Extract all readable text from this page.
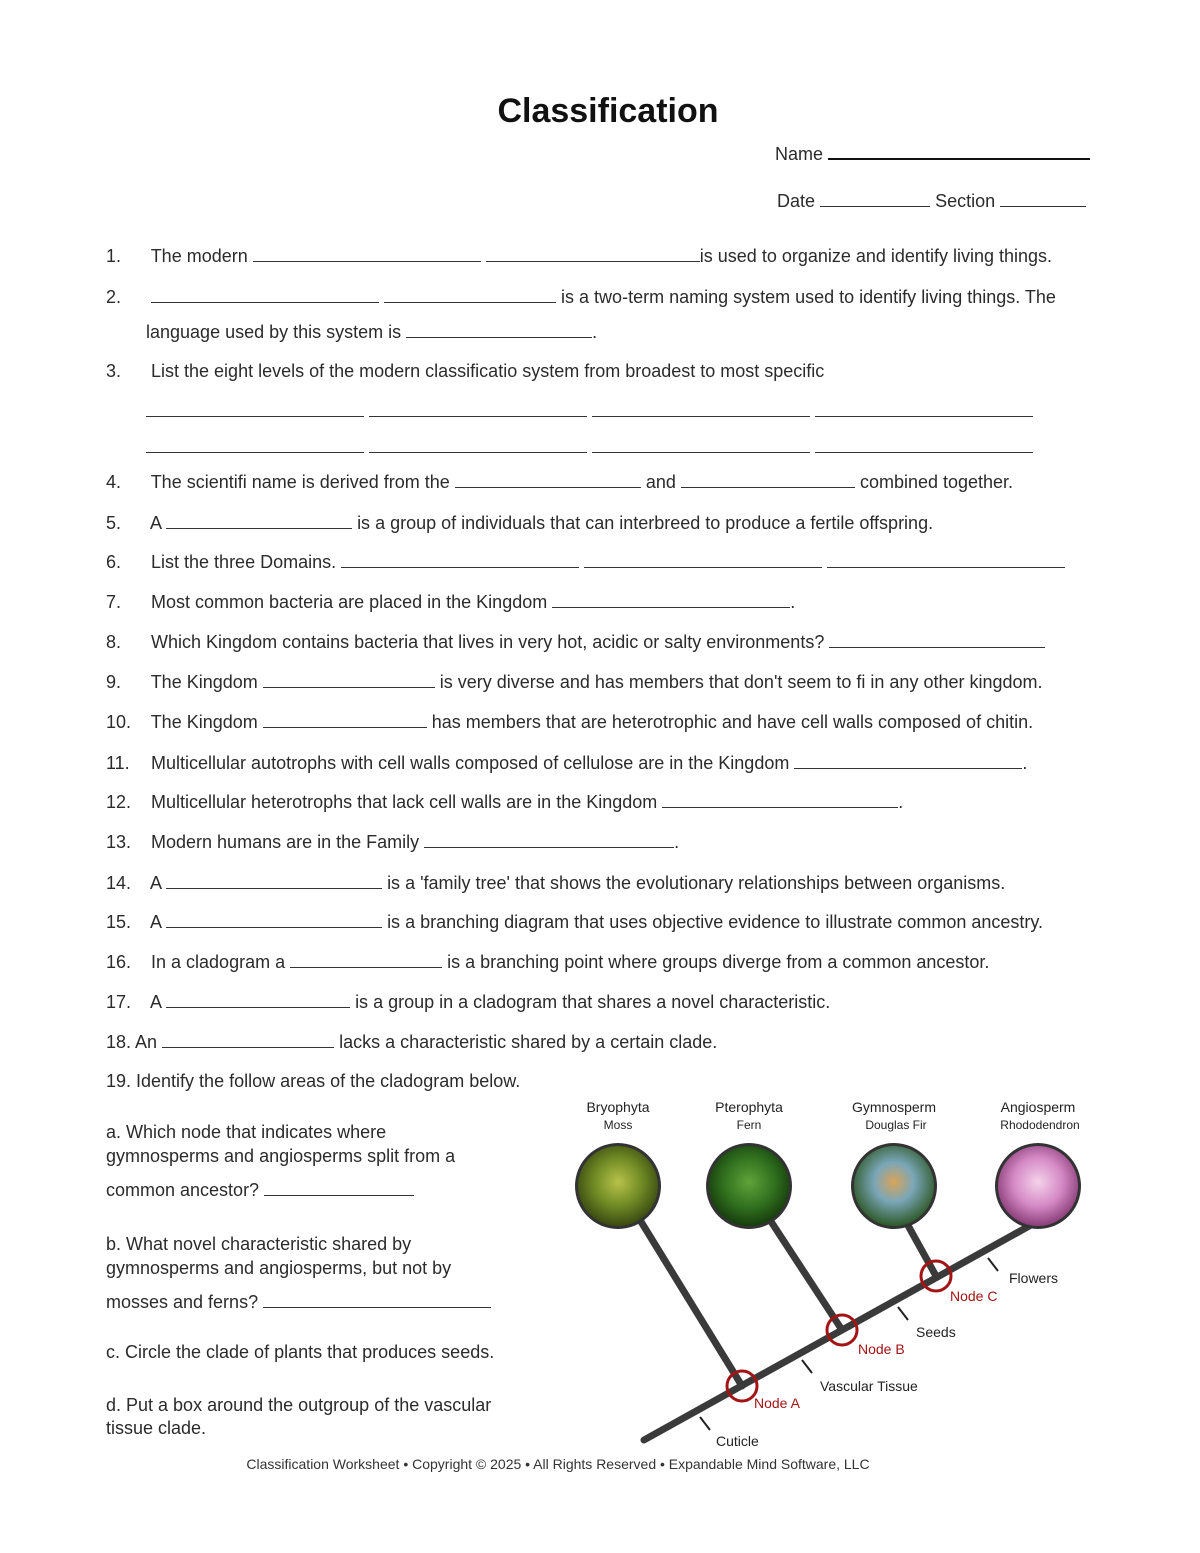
Classification
Name
Date	Section
1. The modern	is used to organize and identify living things.
2.	is a two-term naming system used to identify living things. The
language used by this system is	.
3. List the eight levels of the modern classificatio system from broadest to most specific

4. The scientifi name is derived from the	and	combined together.
5. A	is a group of individuals that can interbreed to produce a fertile offspring.
6. List the three Domains.
7. Most common bacteria are placed in the Kingdom	.
8. Which Kingdom contains bacteria that lives in very hot, acidic or salty environments?
9. The Kingdom	is very diverse and has members that don't seem to fi in any other kingdom.
10. The Kingdom	has members that are heterotrophic and have cell walls composed of chitin.
11. Multicellular autotrophs with cell walls composed of cellulose are in the Kingdom	.
12. Multicellular heterotrophs that lack cell walls are in the Kingdom	.
13. Modern humans are in the Family	.
14. A	is a 'family tree' that shows the evolutionary relationships between organisms.
15. A	is a branching diagram that uses objective evidence to illustrate common ancestry.
16. In a cladogram a	is a branching point where groups diverge from a common ancestor.
17. A	is a group in a cladogram that shares a novel characteristic.
18. An	lacks a characteristic shared by a certain clade.
19. Identify the follow areas of the cladogram below.
a. Which node that indicates where
gymnosperms and angiosperms split from a
common ancestor?
b. What novel characteristic shared by
gymnosperms and angiosperms, but not by
mosses and ferns?
c. Circle the clade of plants that produces seeds.
d. Put a box around the outgroup of the vascular
tissue clade.
Bryophyta
Moss
Pterophyta
Fern
Gymnosperm
Douglas Fir
Angiosperm
Rhododendron
Node A
Node B
Node C
Cuticle
Vascular Tissue
Seeds
Flowers
Classification Worksheet • Copyright © 2025 • All Rights Reserved • Expandable Mind Software, LLC
